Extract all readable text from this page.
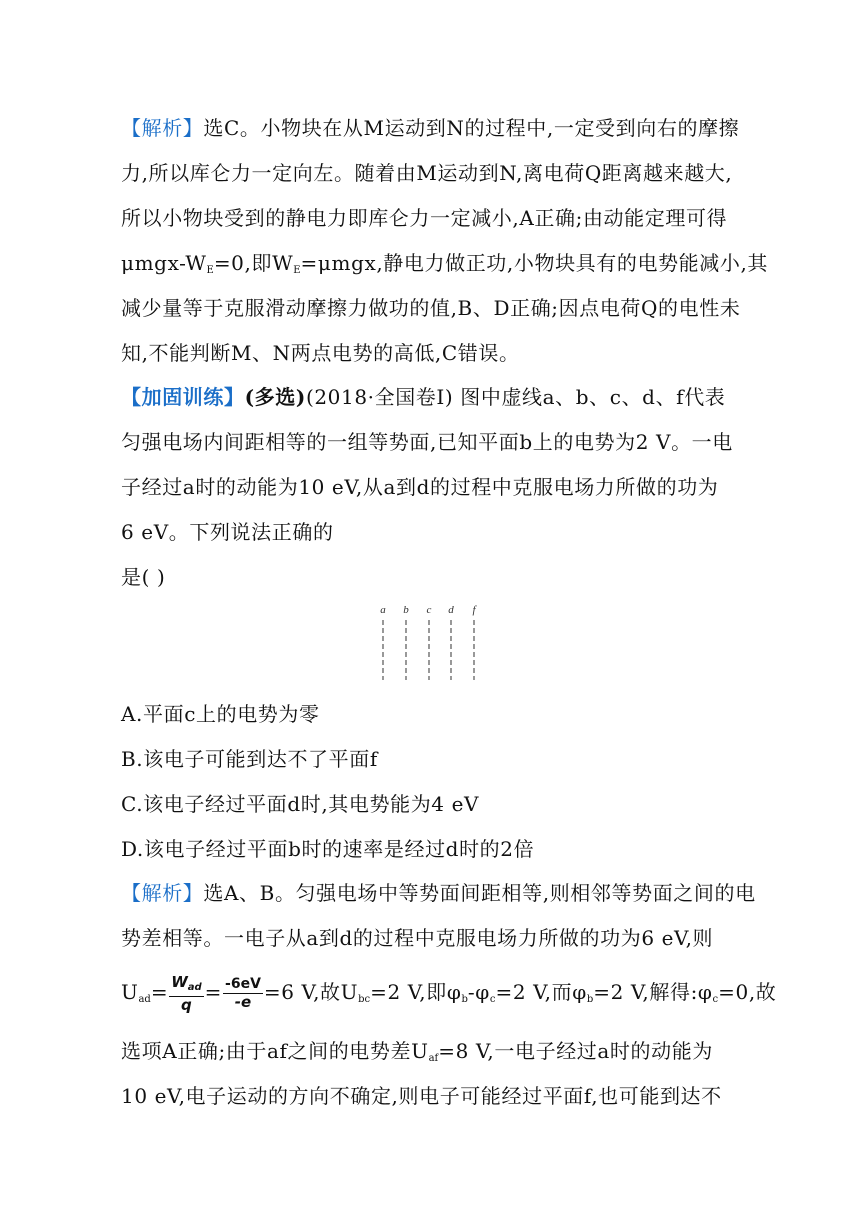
【解析】选C。小物块在从M运动到N的过程中,一定受到向右的摩擦
力,所以库仑力一定向左。随着由M运动到N,离电荷Q距离越来越大,
所以小物块受到的静电力即库仑力一定减小,A正确;由动能定理可得
μmgx-$W_E=0$,即$W_E=\mu mgx$,静电力做正功,小物块具有的电势能减小,其
减少量等于克服滑动摩擦力做功的值,B、D正确;因点电荷Q的电性未
知,不能判断M、N两点电势的高低,C错误。
【加固训练】(多选)(2018·全国卷Ⅰ) 图中虚线a、b、c、d、f代表
匀强电场内间距相等的一组等势面,已知平面b上的电势为2 V。一电
子经过a时的动能为10 eV,从a到d的过程中克服电场力所做的功为
6 eV。下列说法正确的
是( )
a b c d f
A.平面c上的电势为零
B.该电子可能到达不了平面f
C.该电子经过平面d时,其电势能为4 eV
D.该电子经过平面b时的速率是经过d时的2倍
【解析】选A、B。匀强电场中等势面间距相等,则相邻等势面之间的电
势差相等。一电子从a到d的过程中克服电场力所做的功为6 eV,则
$U_{ad}= \frac{W_{ad}}{q} = \frac{-6eV}{-e} =6$ V,故$U_{bc}=2$ V,即$\varphi_b-\varphi_c=2$ V,而$\varphi_b=2$ V,解得$:\varphi_c=0$,故
选项A正确;由于af之间的电势差$U_{af}=8$ V,一电子经过a时的动能为
10 eV,电子运动的方向不确定,则电子可能经过平面f,也可能到达不
